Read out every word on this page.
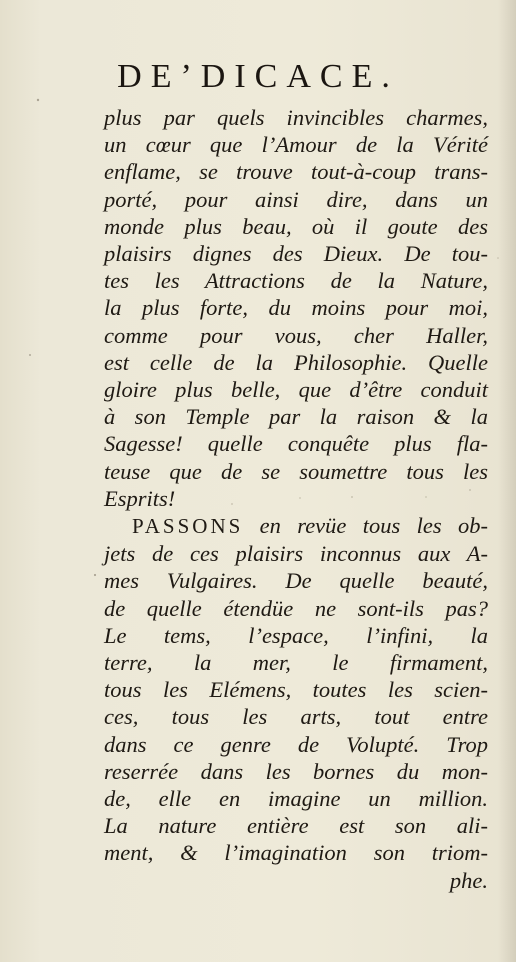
DE’DICACE.
plus par quels invincibles charmes,
un cœur que l’Amour de la Vérité
enflame, se trouve tout-à-coup trans-
porté, pour ainsi dire, dans un
monde plus beau, où il goute des
plaisirs dignes des Dieux. De tou-
tes les Attractions de la Nature,
la plus forte, du moins pour moi,
comme pour vous, cher Haller,
est celle de la Philosophie. Quelle
gloire plus belle, que d’être conduit
à son Temple par la raison & la
Sagesse! quelle conquête plus fla-
teuse que de se soumettre tous les
Esprits!
PASSONS en revüe tous les ob-
jets de ces plaisirs inconnus aux A-
mes Vulgaires. De quelle beauté,
de quelle étendüe ne sont-ils pas?
Le tems, l’espace, l’infini, la
terre, la mer, le firmament,
tous les Elémens, toutes les scien-
ces, tous les arts, tout entre
dans ce genre de Volupté. Trop
reserrée dans les bornes du mon-
de, elle en imagine un million.
La nature entière est son ali-
ment, & l’imagination son triom-
phe.
